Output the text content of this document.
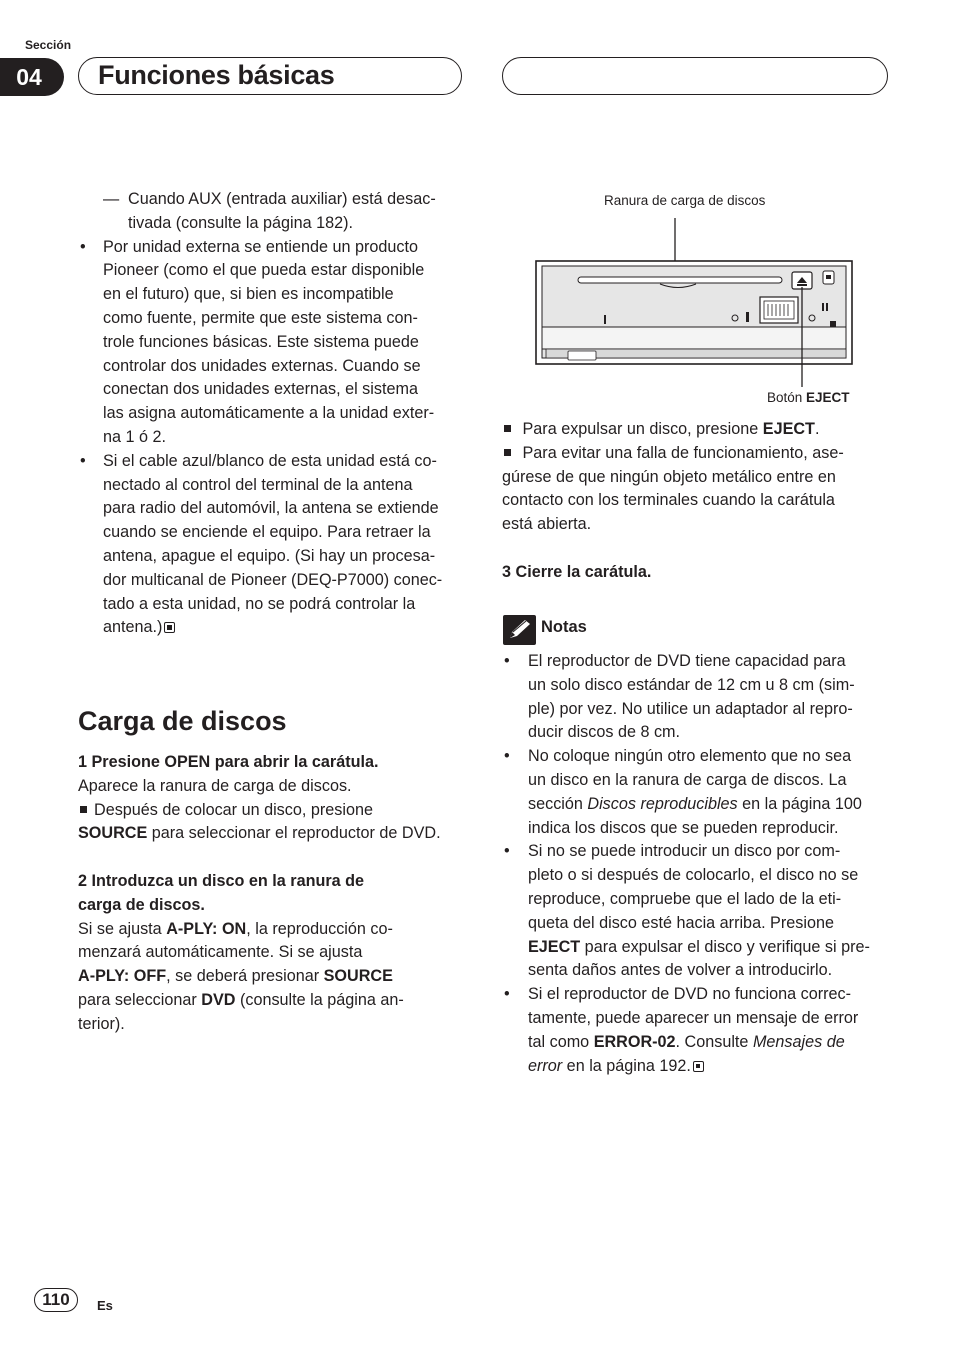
Sección
04	Funciones básicas

— Cuando AUX (entrada auxiliar) está desac-
tivada (consulte la página 182).

• Por unidad externa se entiende un producto
Pioneer (como el que pueda estar disponible
en el futuro) que, si bien es incompatible
como fuente, permite que este sistema con-
trole funciones básicas. Este sistema puede
controlar dos unidades externas. Cuando se
conectan dos unidades externas, el sistema
las asigna automáticamente a la unidad exter-
na 1 ó 2.

• Si el cable azul/blanco de esta unidad está co-
nectado al control del terminal de la antena
para radio del automóvil, la antena se extiende
cuando se enciende el equipo. Para retraer la
antena, apague el equipo. (Si hay un procesa-
dor multicanal de Pioneer (DEQ-P7000) conec-
tado a esta unidad, no se podrá controlar la
antena.)

Carga de discos

1 Presione OPEN para abrir la carátula.

Aparece la ranura de carga de discos.

Después de colocar un disco, presione

SOURCE para seleccionar el reproductor de DVD.

2 Introduzca un disco en la ranura de
carga de discos.

Si se ajusta A-PLY: ON, la reproducción co-
menzará automáticamente. Si se ajusta
A-PLY: OFF, se deberá presionar SOURCE
para seleccionar DVD (consulte la página an-
terior).

Ranura de carga de discos
Botón EJECT

Para expulsar un disco, presione EJECT.

Para evitar una falla de funcionamiento, ase-
gúrese de que ningún objeto metálico entre en
contacto con los terminales cuando la carátula
está abierta.

3 Cierre la carátula.

Notas

• El reproductor de DVD tiene capacidad para
un solo disco estándar de 12 cm u 8 cm (sim-
ple) por vez. No utilice un adaptador al repro-
ducir discos de 8 cm.

• No coloque ningún otro elemento que no sea
un disco en la ranura de carga de discos. La
sección Discos reproducibles en la página 100
indica los discos que se pueden reproducir.

• Si no se puede introducir un disco por com-
pleto o si después de colocarlo, el disco no se
reproduce, compruebe que el lado de la eti-
queta del disco esté hacia arriba. Presione
EJECT para expulsar el disco y verifique si pre-
senta daños antes de volver a introducirlo.

• Si el reproductor de DVD no funciona correc-
tamente, puede aparecer un mensaje de error
tal como ERROR-02. Consulte Mensajes de
error en la página 192.

110	Es
